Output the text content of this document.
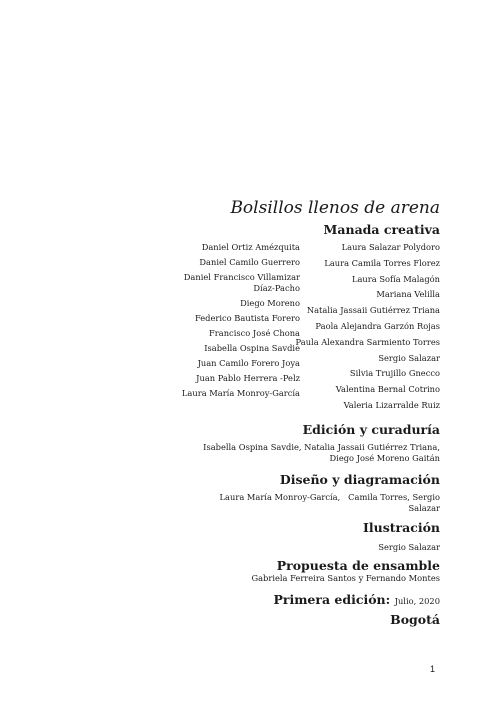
Bolsillos llenos de arena
Manada creativa
Daniel Ortiz Amézquita
Daniel Camilo Guerrero
Daniel Francisco Villamizar
Díaz-Pacho
Diego Moreno
Federico Bautista Forero
Francisco José Chona
Isabella Ospina Savdie
Juan Camilo Forero Joya
Juan Pablo Herrera -Pelz
Laura María Monroy-García
Laura Salazar Polydoro
Laura Camila Torres Florez
Laura Sofía Malagón
Mariana Velilla
Natalia Jassaii Gutiérrez Triana
Paola Alejandra Garzón Rojas
Paula Alexandra Sarmiento Torres
Sergio Salazar
Silvia Trujillo Gnecco
Valentina Bernal Cotrino
Valeria Lizarralde Ruiz
Edición y curaduría
Isabella Ospina Savdie, Natalia Jassaii Gutiérrez Triana,
Diego José Moreno Gaitán
Diseño y diagramación
Laura María Monroy-García,   Camila Torres, Sergio
Salazar
Ilustración
Sergio Salazar
Propuesta de ensamble
Gabriela Ferreira Santos y Fernando Montes
Primera edición: Julio, 2020
Bogotá
1
